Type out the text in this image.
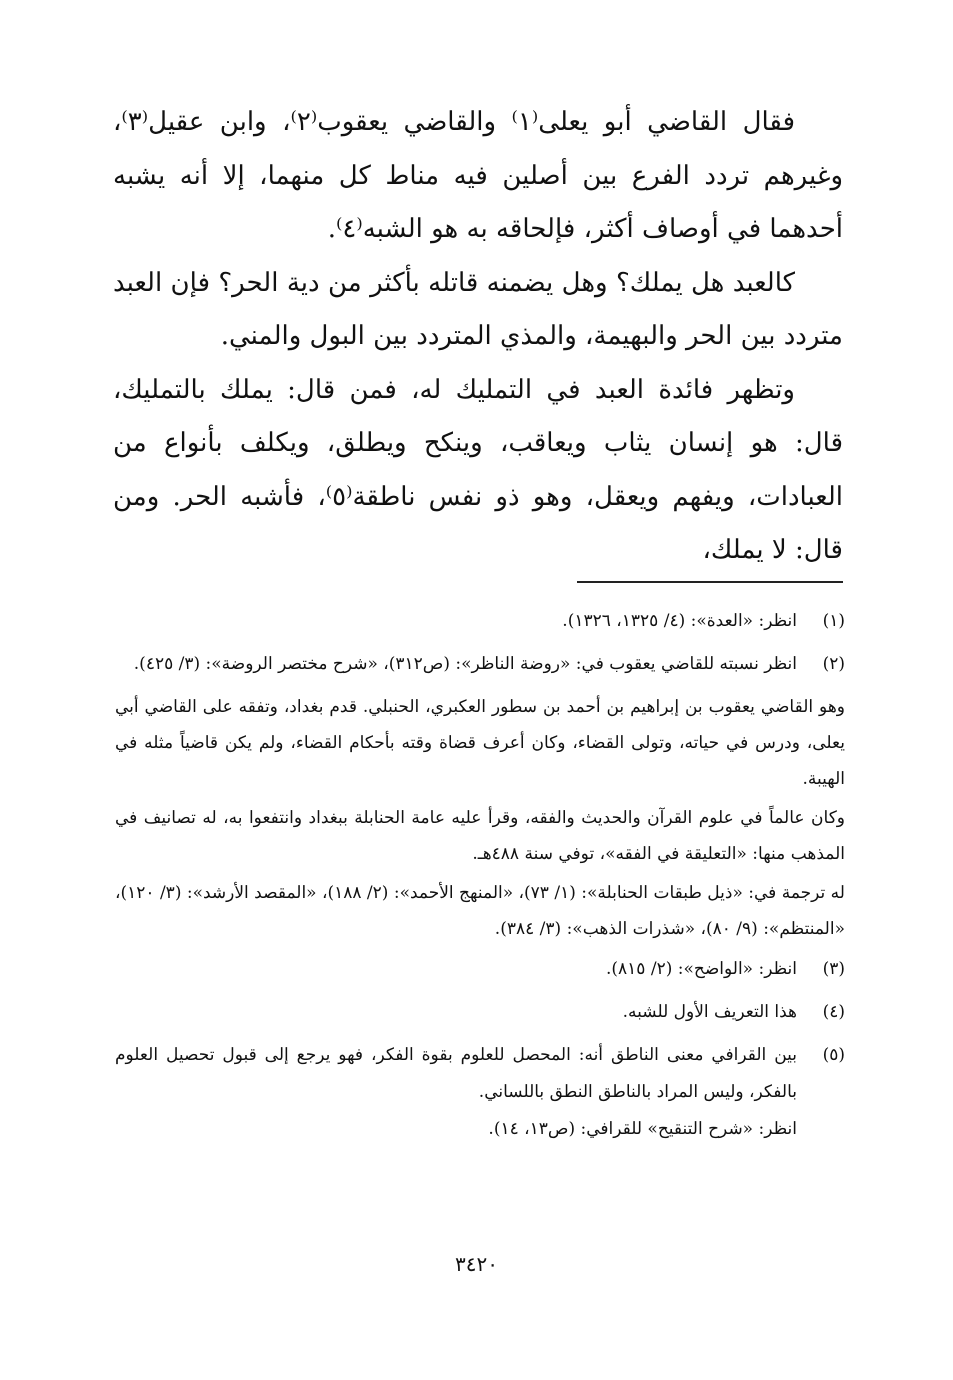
فقال القاضي أبو يعلى⁽١⁾ والقاضي يعقوب⁽٢⁾، وابن عقيل⁽٣⁾، وغيرهم تردد الفرع بين أصلين فيه مناط كل منهما، إلا أنه يشبه أحدهما في أوصاف أكثر، فإلحاقه به هو الشبه⁽٤⁾.

كالعبد هل يملك؟ وهل يضمنه قاتله بأكثر من دية الحر؟ فإن العبد متردد بين الحر والبهيمة، والمذي المتردد بين البول والمني.

وتظهر فائدة العبد في التمليك له، فمن قال: يملك بالتمليك، قال: هو إنسان يثاب ويعاقب، وينكح ويطلق، ويكلف بأنواع من العبادات، ويفهم ويعقل، وهو ذو نفس ناطقة⁽٥⁾، فأشبه الحر. ومن قال: لا يملك،

(١)

انظر: «العدة»: (٤/ ١٣٢٥، ١٣٢٦).

(٢)

انظر نسبته للقاضي يعقوب في: «روضة الناظر»: (ص٣١٢)، «شرح مختصر الروضة»: (٣/ ٤٢٥).

وهو القاضي يعقوب بن إبراهيم بن أحمد بن سطور العكبري، الحنبلي. قدم بغداد، وتفقه على القاضي أبي يعلى، ودرس في حياته، وتولى القضاء، وكان أعرف قضاة وقته بأحكام القضاء، ولم يكن قاضياً مثله في الهيبة.

وكان عالماً في علوم القرآن والحديث والفقه، وقرأ عليه عامة الحنابلة ببغداد وانتفعوا به، له تصانيف في المذهب منها: «التعليقة في الفقه»، توفي سنة ٤٨٨هـ.

له ترجمة في: «ذيل طبقات الحنابلة»: (١/ ٧٣)، «المنهج الأحمد»: (٢/ ١٨٨)، «المقصد الأرشد»: (٣/ ١٢٠)، «المنتظم»: (٩/ ٨٠)، «شذرات الذهب»: (٣/ ٣٨٤).

(٣)

انظر: «الواضح»: (٢/ ٨١٥).

(٤)

هذا التعريف الأول للشبه.

(٥)

بين القرافي معنى الناطق أنه: المحصل للعلوم بقوة الفكر، فهو يرجع إلى قبول تحصيل العلوم بالفكر، وليس المراد بالناطق النطق باللساني.

انظر: «شرح التنقيح» للقرافي: (ص١٣، ١٤).

٣٤٢٠
